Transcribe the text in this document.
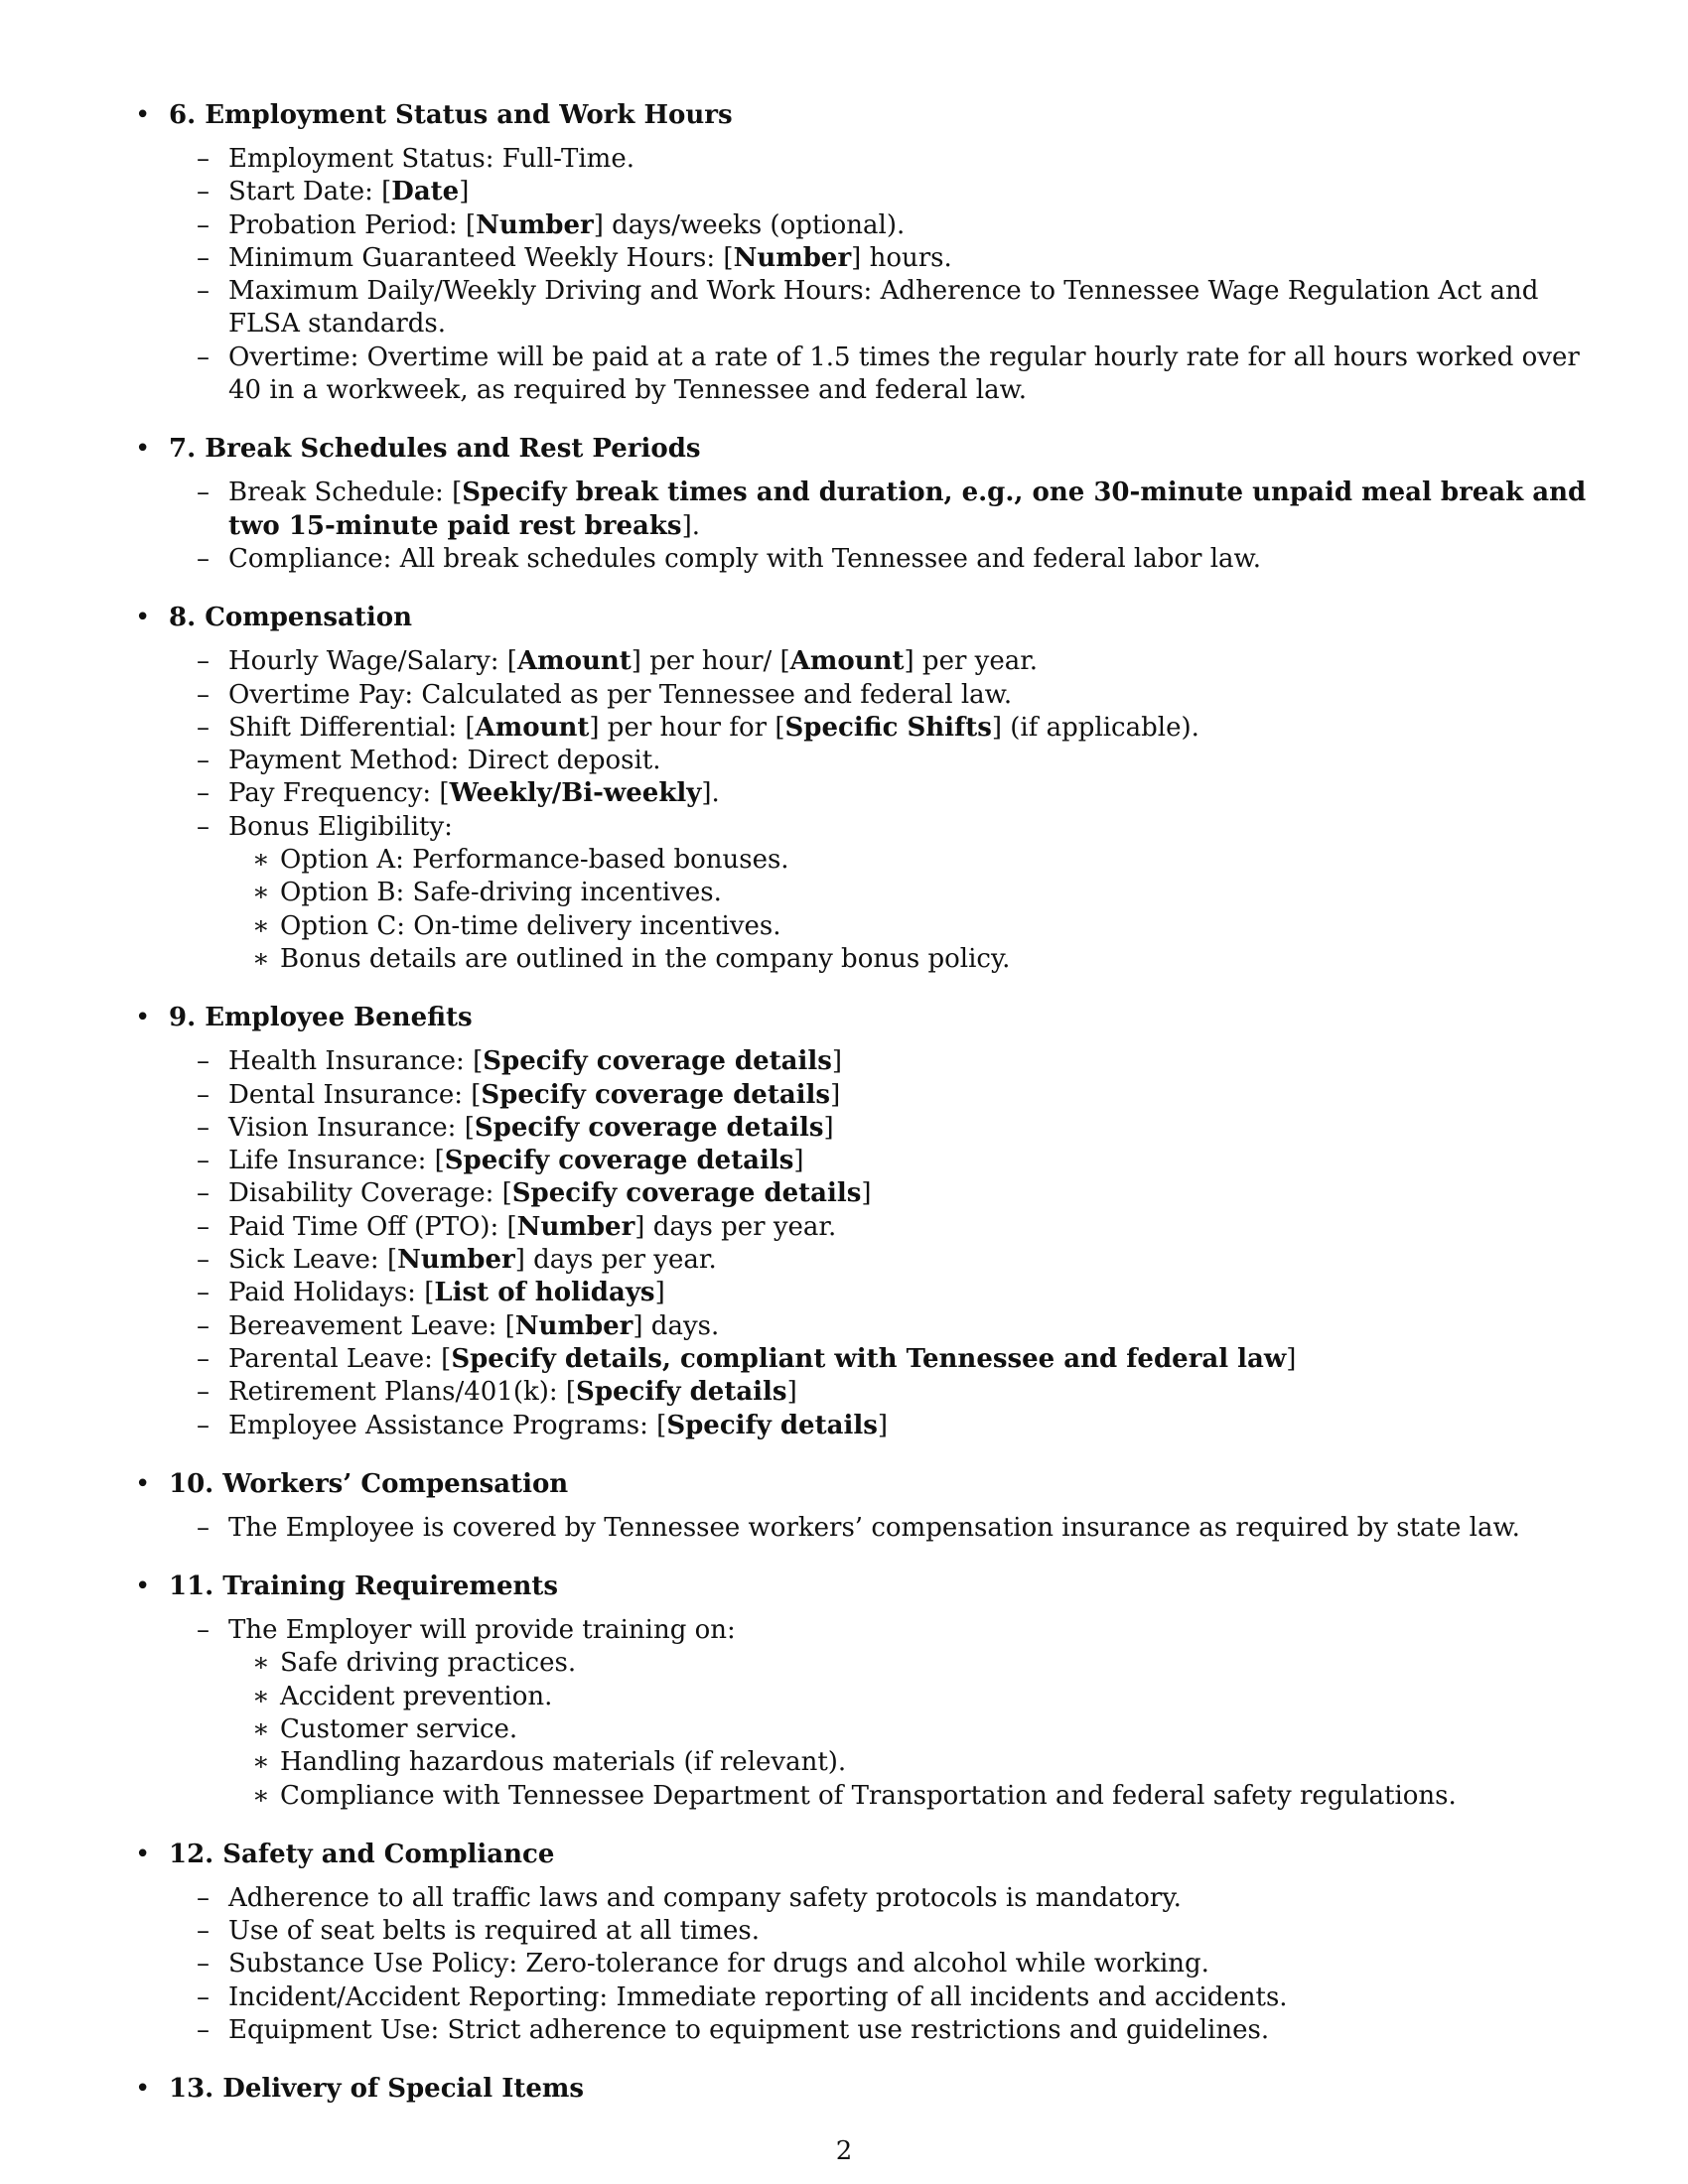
• 6. Employment Status and Work Hours
– Employment Status: Full-Time.
– Start Date: [Date]
– Probation Period: [Number] days/weeks (optional).
– Minimum Guaranteed Weekly Hours: [Number] hours.
– Maximum Daily/Weekly Driving and Work Hours: Adherence to Tennessee Wage Regulation Act and FLSA standards.
– Overtime: Overtime will be paid at a rate of 1.5 times the regular hourly rate for all hours worked over 40 in a workweek, as required by Tennessee and federal law.
• 7. Break Schedules and Rest Periods
– Break Schedule: [Specify break times and duration, e.g., one 30-minute unpaid meal break and two 15-minute paid rest breaks].
– Compliance: All break schedules comply with Tennessee and federal labor law.
• 8. Compensation
– Hourly Wage/Salary: [Amount] per hour/ [Amount] per year.
– Overtime Pay: Calculated as per Tennessee and federal law.
– Shift Differential: [Amount] per hour for [Specific Shifts] (if applicable).
– Payment Method: Direct deposit.
– Pay Frequency: [Weekly/Bi-weekly].
– Bonus Eligibility:
∗ Option A: Performance-based bonuses.
∗ Option B: Safe-driving incentives.
∗ Option C: On-time delivery incentives.
∗ Bonus details are outlined in the company bonus policy.
• 9. Employee Benefits
– Health Insurance: [Specify coverage details]
– Dental Insurance: [Specify coverage details]
– Vision Insurance: [Specify coverage details]
– Life Insurance: [Specify coverage details]
– Disability Coverage: [Specify coverage details]
– Paid Time Off (PTO): [Number] days per year.
– Sick Leave: [Number] days per year.
– Paid Holidays: [List of holidays]
– Bereavement Leave: [Number] days.
– Parental Leave: [Specify details, compliant with Tennessee and federal law]
– Retirement Plans/401(k): [Specify details]
– Employee Assistance Programs: [Specify details]
• 10. Workers’ Compensation
– The Employee is covered by Tennessee workers’ compensation insurance as required by state law.
• 11. Training Requirements
– The Employer will provide training on:
∗ Safe driving practices.
∗ Accident prevention.
∗ Customer service.
∗ Handling hazardous materials (if relevant).
∗ Compliance with Tennessee Department of Transportation and federal safety regulations.
• 12. Safety and Compliance
– Adherence to all traffic laws and company safety protocols is mandatory.
– Use of seat belts is required at all times.
– Substance Use Policy: Zero-tolerance for drugs and alcohol while working.
– Incident/Accident Reporting: Immediate reporting of all incidents and accidents.
– Equipment Use: Strict adherence to equipment use restrictions and guidelines.
• 13. Delivery of Special Items
2
